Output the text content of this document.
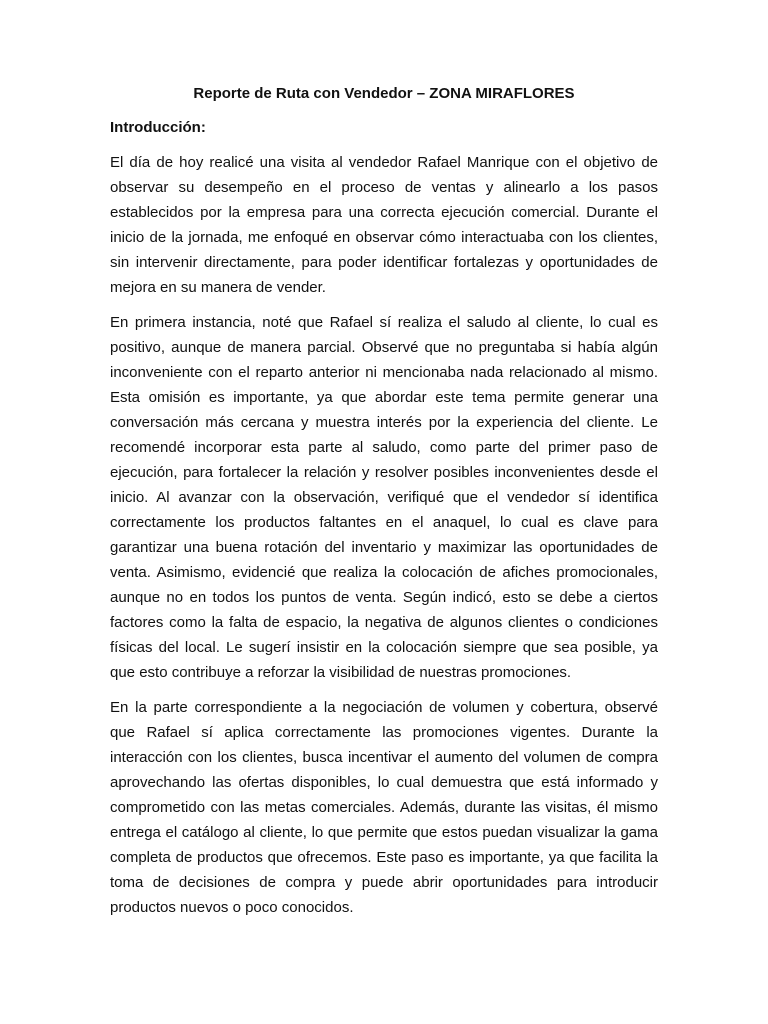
Reporte de Ruta con Vendedor – ZONA MIRAFLORES
Introducción:

El día de hoy realicé una visita al vendedor Rafael Manrique con el objetivo de observar su desempeño en el proceso de ventas y alinearlo a los pasos establecidos por la empresa para una correcta ejecución comercial. Durante el inicio de la jornada, me enfoqué en observar cómo interactuaba con los clientes, sin intervenir directamente, para poder identificar fortalezas y oportunidades de mejora en su manera de vender.

En primera instancia, noté que Rafael sí realiza el saludo al cliente, lo cual es positivo, aunque de manera parcial. Observé que no preguntaba si había algún inconveniente con el reparto anterior ni mencionaba nada relacionado al mismo. Esta omisión es importante, ya que abordar este tema permite generar una conversación más cercana y muestra interés por la experiencia del cliente. Le recomendé incorporar esta parte al saludo, como parte del primer paso de ejecución, para fortalecer la relación y resolver posibles inconvenientes desde el inicio. Al avanzar con la observación, verifiqué que el vendedor sí identifica correctamente los productos faltantes en el anaquel, lo cual es clave para garantizar una buena rotación del inventario y maximizar las oportunidades de venta. Asimismo, evidencié que realiza la colocación de afiches promocionales, aunque no en todos los puntos de venta. Según indicó, esto se debe a ciertos factores como la falta de espacio, la negativa de algunos clientes o condiciones físicas del local. Le sugerí insistir en la colocación siempre que sea posible, ya que esto contribuye a reforzar la visibilidad de nuestras promociones.

En la parte correspondiente a la negociación de volumen y cobertura, observé que Rafael sí aplica correctamente las promociones vigentes. Durante la interacción con los clientes, busca incentivar el aumento del volumen de compra aprovechando las ofertas disponibles, lo cual demuestra que está informado y comprometido con las metas comerciales. Además, durante las visitas, él mismo entrega el catálogo al cliente, lo que permite que estos puedan visualizar la gama completa de productos que ofrecemos. Este paso es importante, ya que facilita la toma de decisiones de compra y puede abrir oportunidades para introducir productos nuevos o poco conocidos.
